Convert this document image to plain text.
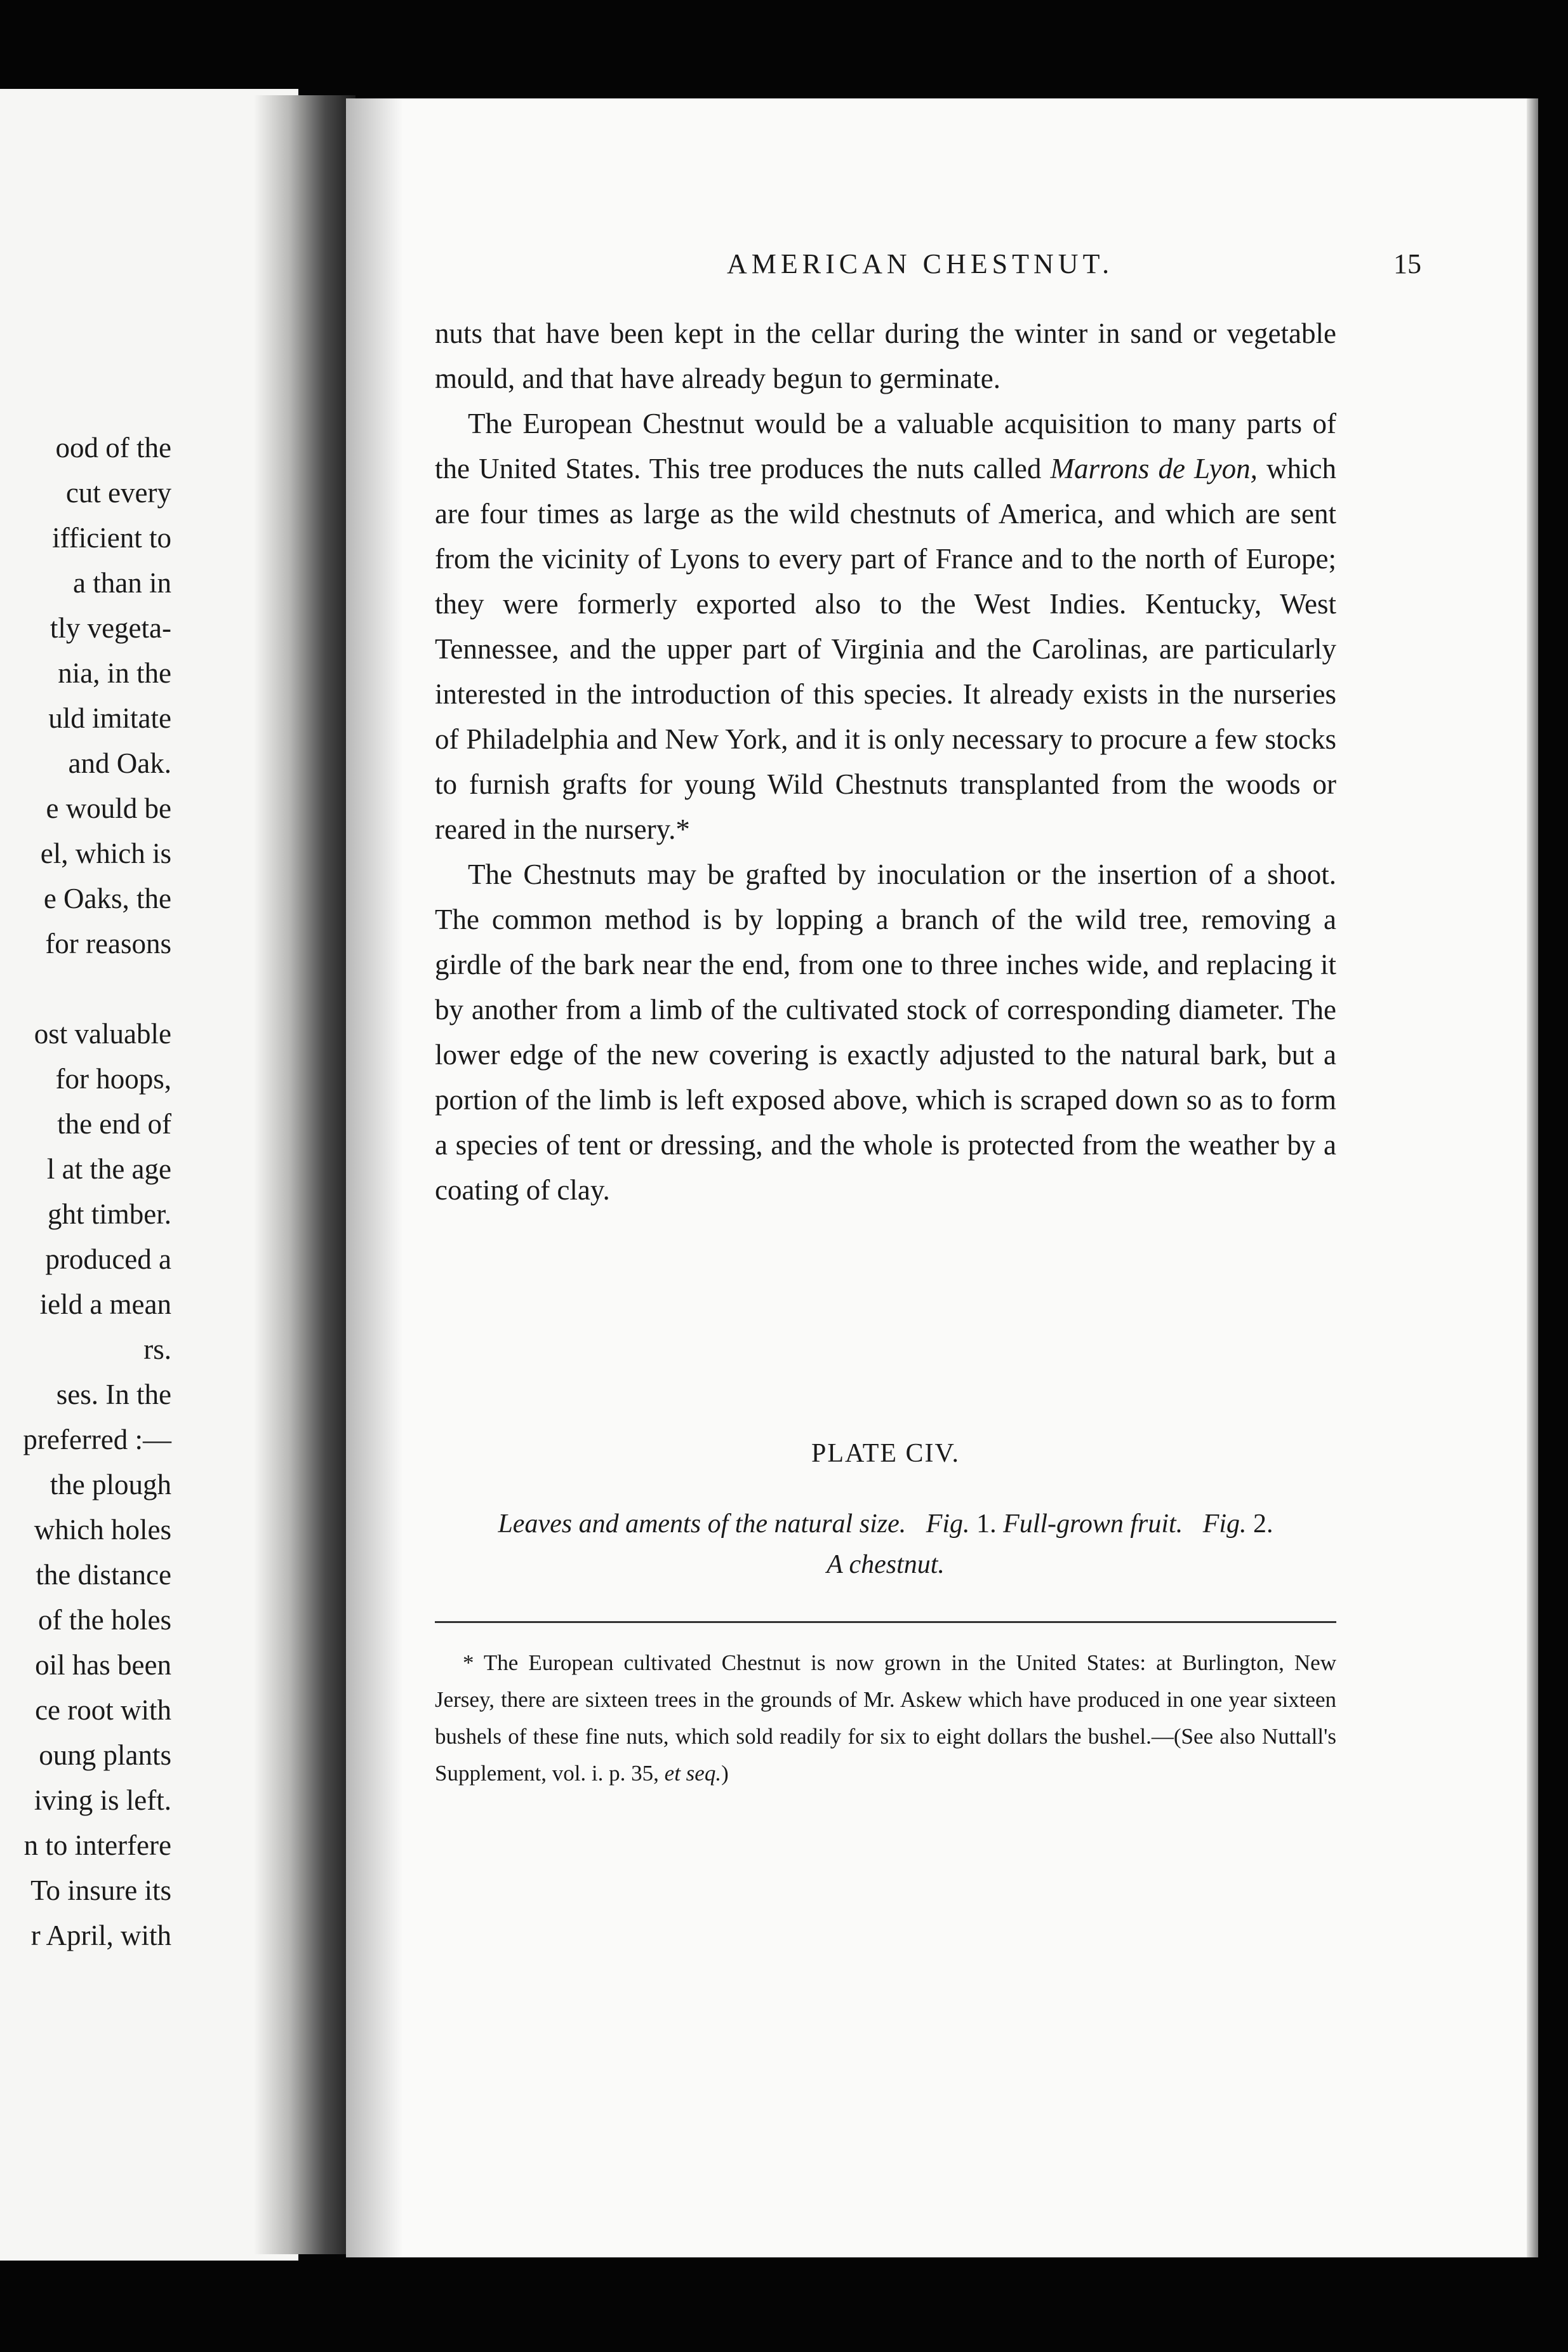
ood of the
cut every
ifficient to
a than in
tly vegeta-
nia, in the
uld imitate
and Oak.
e would be
el, which is
e Oaks, the
for reasons

ost valuable
for hoops,
the end of
l at the age
ght timber.
produced a
ield a mean
rs.
ses. In the
preferred :—
the plough
which holes
the distance
of the holes
oil has been
ce root with
oung plants
iving is left.
n to interfere
To insure its
r April, with
AMERICAN CHESTNUT.	15

nuts that have been kept in the cellar during the winter in sand or vegetable mould, and that have already begun to germinate.

The European Chestnut would be a valuable acquisition to many parts of the United States. This tree produces the nuts called Marrons de Lyon, which are four times as large as the wild chestnuts of America, and which are sent from the vicinity of Lyons to every part of France and to the north of Europe; they were formerly exported also to the West Indies. Kentucky, West Tennessee, and the upper part of Virginia and the Carolinas, are particularly interested in the introduction of this species. It already exists in the nurseries of Philadelphia and New York, and it is only necessary to procure a few stocks to furnish grafts for young Wild Chestnuts transplanted from the woods or reared in the nursery.*

The Chestnuts may be grafted by inoculation or the insertion of a shoot. The common method is by lopping a branch of the wild tree, removing a girdle of the bark near the end, from one to three inches wide, and replacing it by another from a limb of the cultivated stock of corresponding diameter. The lower edge of the new covering is exactly adjusted to the natural bark, but a portion of the limb is left exposed above, which is scraped down so as to form a species of tent or dressing, and the whole is protected from the weather by a coating of clay.

PLATE CIV.
Leaves and aments of the natural size. Fig. 1. Full-grown fruit. Fig. 2.
A chestnut.
* The European cultivated Chestnut is now grown in the United States: at Burlington, New Jersey, there are sixteen trees in the grounds of Mr. Askew which have produced in one year sixteen bushels of these fine nuts, which sold readily for six to eight dollars the bushel.—(See also Nuttall's Supplement, vol. i. p. 35, et seq.)
